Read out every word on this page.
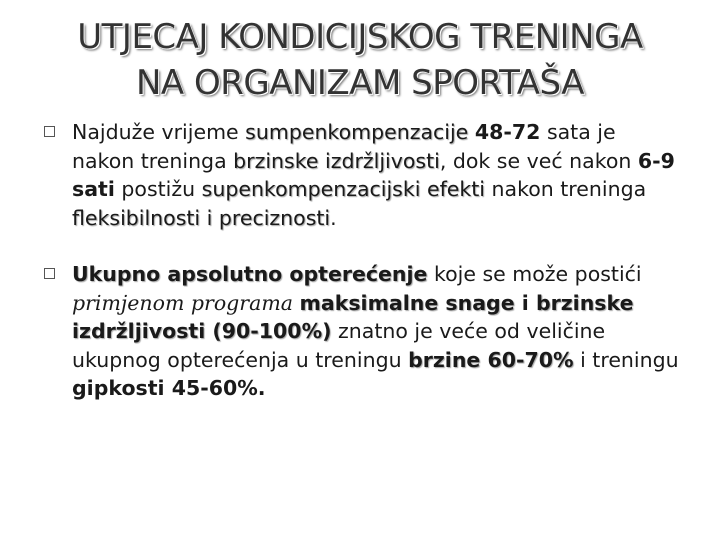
UTJECAJ KONDICIJSKOG TRENINGA
NA ORGANIZAM SPORTAŠA

Najduže vrijeme sumpenkompenzacije 48-72 sata je nakon treninga brzinske izdržljivosti, dok se već nakon 6-9 sati postižu supenkompenzacijski efekti nakon treninga fleksibilnosti i preciznosti.

Ukupno apsolutno opterećenje koje se može postići primjenom programa maksimalne snage i brzinske izdržljivosti (90-100%) znatno je veće od veličine ukupnog opterećenja u treningu brzine 60-70% i treningu gipkosti 45-60%.
